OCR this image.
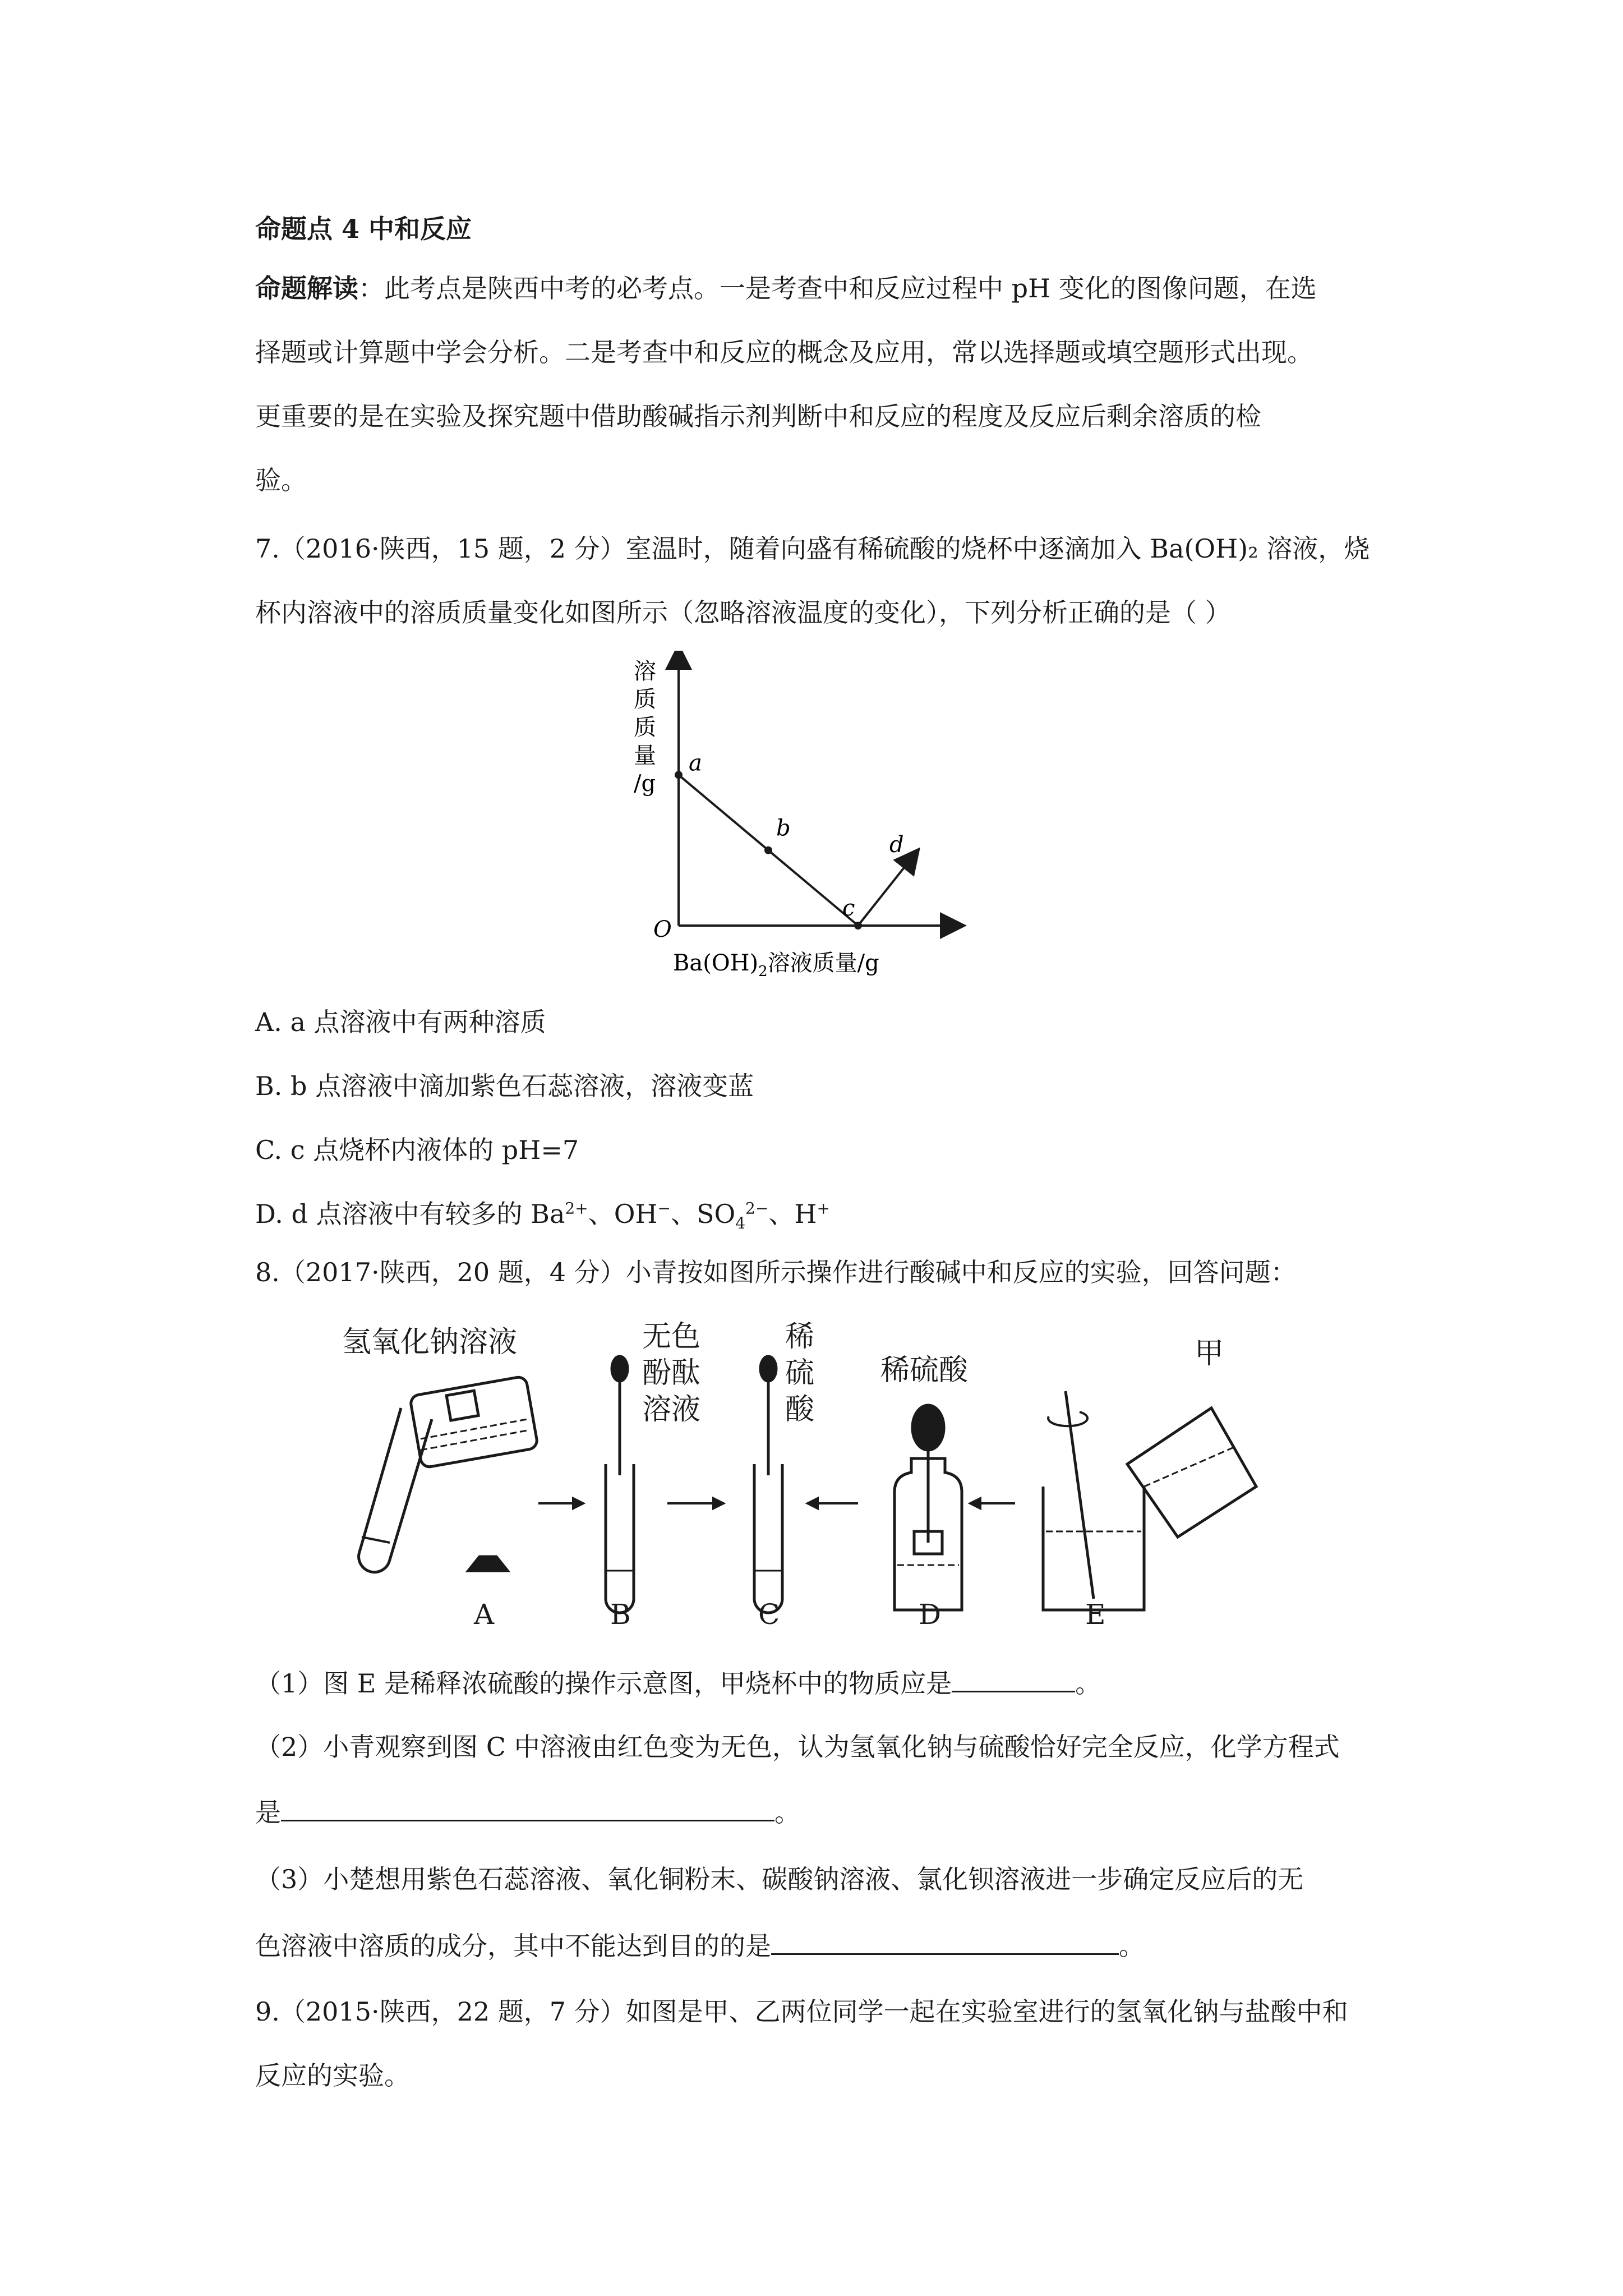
命题点 4 中和反应
命题解读：此考点是陕西中考的必考点。一是考查中和反应过程中 pH 变化的图像问题，在选
择题或计算题中学会分析。二是考查中和反应的概念及应用，常以选择题或填空题形式出现。
更重要的是在实验及探究题中借助酸碱指示剂判断中和反应的程度及反应后剩余溶质的检
验。
7.（2016·陕西，15 题，2 分）室温时，随着向盛有稀硫酸的烧杯中逐滴加入 Ba(OH)₂ 溶液，烧
杯内溶液中的溶质质量变化如图所示（忽略溶液温度的变化），下列分析正确的是（ ）
溶
质
质
量
/g
O
$Ba(OH)_2$溶液质量/g
a
b
c
d
A. a 点溶液中有两种溶质
B. b 点溶液中滴加紫色石蕊溶液，溶液变蓝
C. c 点烧杯内液体的 pH=7
D. d 点溶液中有较多的 $Ba^{2+}$、OH−、$SO_4^{2-}$、H+
8.（2017·陕西，20 题，4 分）小青按如图所示操作进行酸碱中和反应的实验，回答问题：
氢氧化钠溶液	无色
酚酞
溶液
稀
硫
酸
稀硫酸	甲
A	B	C	D	E
（1）图 E 是稀释浓硫酸的操作示意图，甲烧杯中的物质应是	。
（2）小青观察到图 C 中溶液由红色变为无色，认为氢氧化钠与硫酸恰好完全反应，化学方程式
是	。
（3）小楚想用紫色石蕊溶液、氧化铜粉末、碳酸钠溶液、氯化钡溶液进一步确定反应后的无
色溶液中溶质的成分，其中不能达到目的的是	。
9.（2015·陕西，22 题，7 分）如图是甲、乙两位同学一起在实验室进行的氢氧化钠与盐酸中和
反应的实验。
